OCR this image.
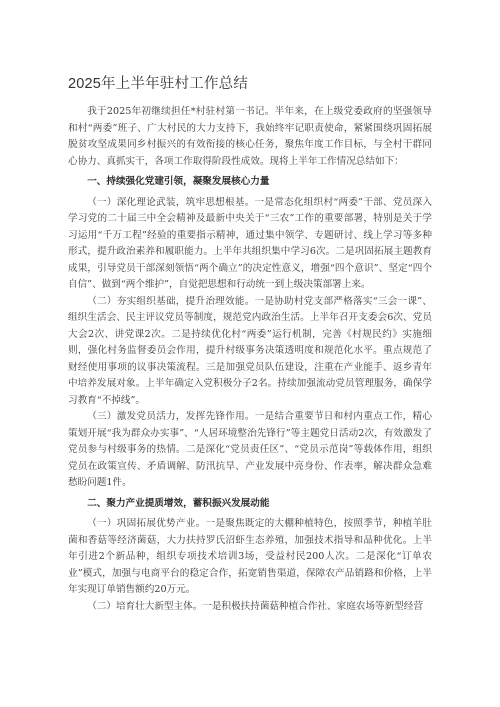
2025年上半年驻村工作总结

我于2025年初继续担任*村驻村第一书记。半年来，在上级党委政府的坚强领导和村“两委”班子、广大村民的大力支持下，我始终牢记职责使命，紧紧围绕巩固拓展脱贫攻坚成果同乡村振兴的有效衔接的核心任务，聚焦年度工作目标，与全村干群同心协力、真抓实干，各项工作取得阶段性成效。现将上半年工作情况总结如下：

一、持续强化党建引领，凝聚发展核心力量

（一）深化理论武装，筑牢思想根基。一是常态化组织村“两委”干部、党员深入学习党的二十届三中全会精神及最新中央关于“三农”工作的重要部署，特别是关于学习运用“千万工程”经验的重要指示精神，通过集中领学、专题研讨、线上学习等多种形式，提升政治素养和履职能力。上半年共组织集中学习6次。二是巩固拓展主题教育成果，引导党员干部深刻领悟“两个确立”的决定性意义，增强“四个意识”、坚定“四个自信”、做到“两个维护”，自觉把思想和行动统一到上级决策部署上来。

（二）夯实组织基础，提升治理效能。一是协助村党支部严格落实“三会一课”、组织生活会、民主评议党员等制度，规范党内政治生活。上半年召开支委会6次、党员大会2次、讲党课2次。二是持续优化村“两委”运行机制，完善《村规民约》实施细则，强化村务监督委员会作用，提升村级事务决策透明度和规范化水平。重点规范了财经使用事项的议事决策流程。三是加强党员队伍建设，注重在产业能手、返乡青年中培养发展对象。上半年确定入党积极分子2名。持续加强流动党员管理服务，确保学习教育“不掉线”。

（三）激发党员活力，发挥先锋作用。一是结合重要节日和村内重点工作，精心策划开展“我为群众办实事”、“人居环境整治先锋行”等主题党日活动2次，有效激发了党员参与村级事务的热情。二是深化“党员责任区”、“党员示范岗”等载体作用，组织党员在政策宣传、矛盾调解、防汛抗旱、产业发展中亮身份、作表率，解决群众急难愁盼问题1件。

二、聚力产业提质增效，蓄积振兴发展动能

（一）巩固拓展优势产业。一是聚焦既定的大棚种植特色，按照季节，种植羊肚菌和香菇等经济菌菇，大力扶持罗氏沼虾生态养殖，加强技术指导和品种优化。上半年引进2个新品种，组织专项技术培训3场，受益村民200人次。二是深化“订单农业”模式，加强与电商平台的稳定合作，拓宽销售渠道，保障农产品销路和价格，上半年实现订单销售额约20万元。

（二）培育壮大新型主体。一是积极扶持菌菇种植合作社、家庭农场等新型经营
